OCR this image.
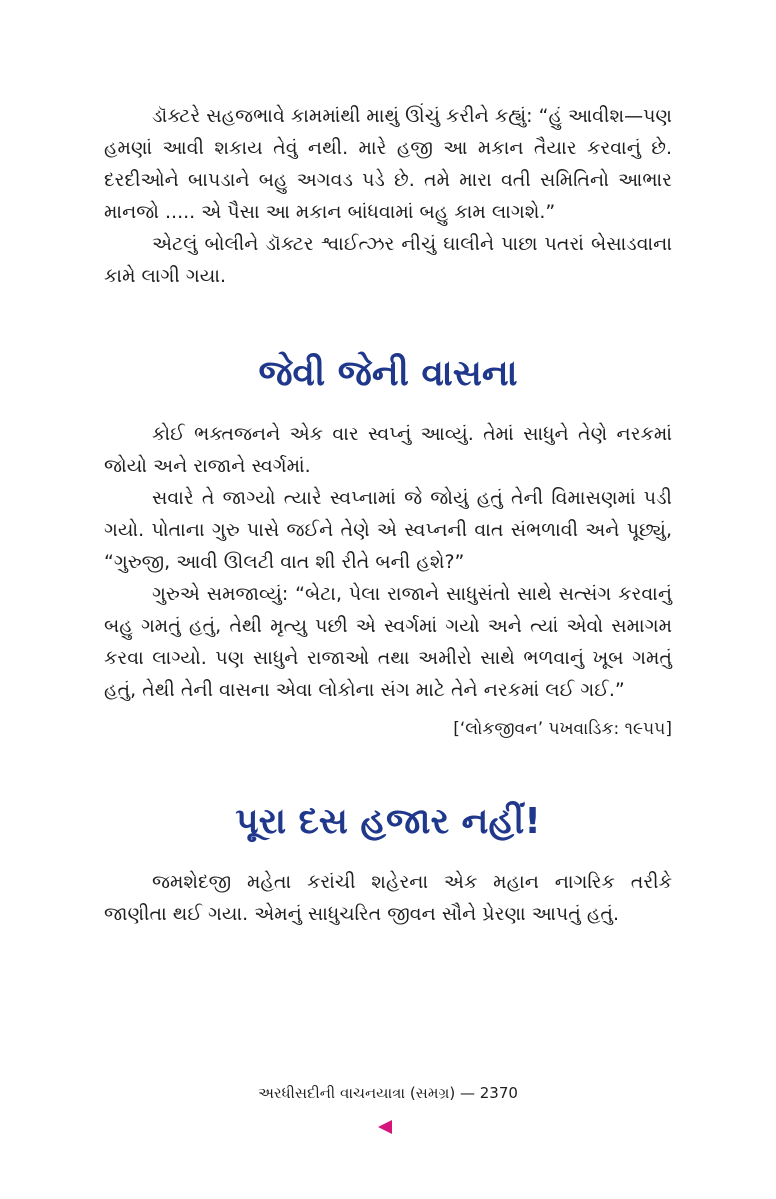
ડૉક્ટરે સહજભાવે કામમાંથી માથું ઊંચું કરીને કહ્યું: “હું આવીશ—પણ હમણાં આવી શકાય તેવું નથી. મારે હજી આ મકાન તૈયાર કરવાનું છે. દરદીઓને બાપડાને બહુ અગવડ પડે છે. તમે મારા વતી સમિતિનો આભાર માનજો ..... એ પૈસા આ મકાન બાંધવામાં બહુ કામ લાગશે.”

એટલું બોલીને ડૉક્ટર શ્વાઈત્ઝર નીચું ઘાલીને પાછા પતરાં બેસાડવાના કામે લાગી ગયા.

જેવી જેની વાસના

કોઈ ભક્તજનને એક વાર સ્વપ્નું આવ્યું. તેમાં સાધુને તેણે નરકમાં જોયો અને રાજાને સ્વર્ગમાં.

સવારે તે જાગ્યો ત્યારે સ્વપ્નામાં જે જોયું હતું તેની વિમાસણમાં પડી ગયો. પોતાના ગુરુ પાસે જઈને તેણે એ સ્વપ્નની વાત સંભળાવી અને પૂછ્યું, “ગુરુજી, આવી ઊલટી વાત શી રીતે બની હશે?”

ગુરુએ સમજાવ્યું: “બેટા, પેલા રાજાને સાધુસંતો સાથે સત્સંગ કરવાનું બહુ ગમતું હતું, તેથી મૃત્યુ પછી એ સ્વર્ગમાં ગયો અને ત્યાં એવો સમાગમ કરવા લાગ્યો. પણ સાધુને રાજાઓ તથા અમીરો સાથે ભળવાનું ખૂબ ગમતું હતું, તેથી તેની વાસના એવા લોકોના સંગ માટે તેને નરકમાં લઈ ગઈ.”

[‘લોકજીવન’ પખવાડિક: ૧૯૫૫]

પૂરા દસ હજાર નહીં!

જમશેદજી મહેતા કરાંચી શહેરના એક મહાન નાગરિક તરીકે જાણીતા થઈ ગયા. એમનું સાધુચરિત જીવન સૌને પ્રેરણા આપતું હતું.

અરધીસદીની વાચનયાત્રા (સમગ્ર) — 2370
